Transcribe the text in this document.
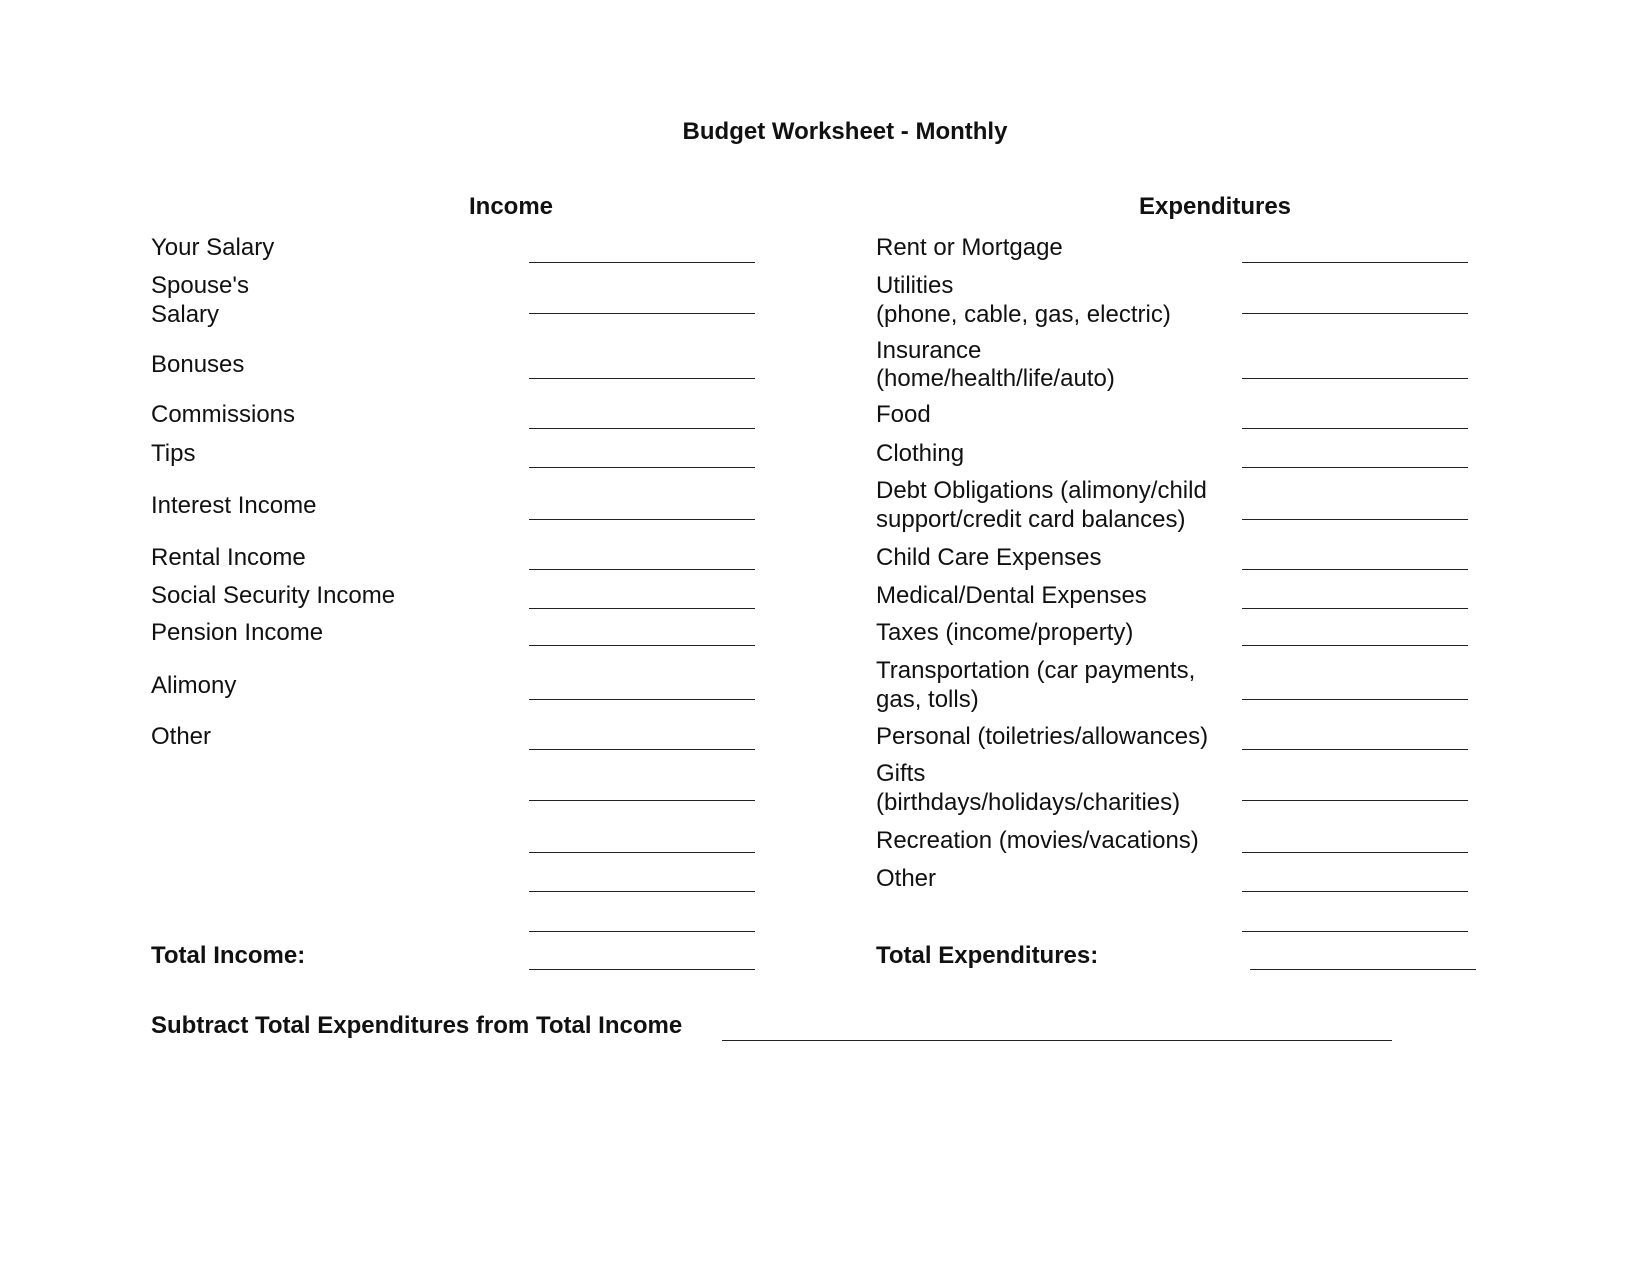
Budget Worksheet - Monthly
Income	Expenditures
Your Salary
Spouse's
Salary
Bonuses
Commissions
Tips
Interest Income
Rental Income
Social Security Income
Pension Income
Alimony
Other
Total Income:
Rent or Mortgage
Utilities
(phone, cable, gas, electric)
Insurance
(home/health/life/auto)
Food
Clothing
Debt Obligations (alimony/child
support/credit card balances)
Child Care Expenses
Medical/Dental Expenses
Taxes (income/property)
Transportation (car payments,
gas, tolls)
Personal (toiletries/allowances)
Gifts
(birthdays/holidays/charities)
Recreation (movies/vacations)
Other
Total Expenditures:
Subtract Total Expenditures from Total Income
